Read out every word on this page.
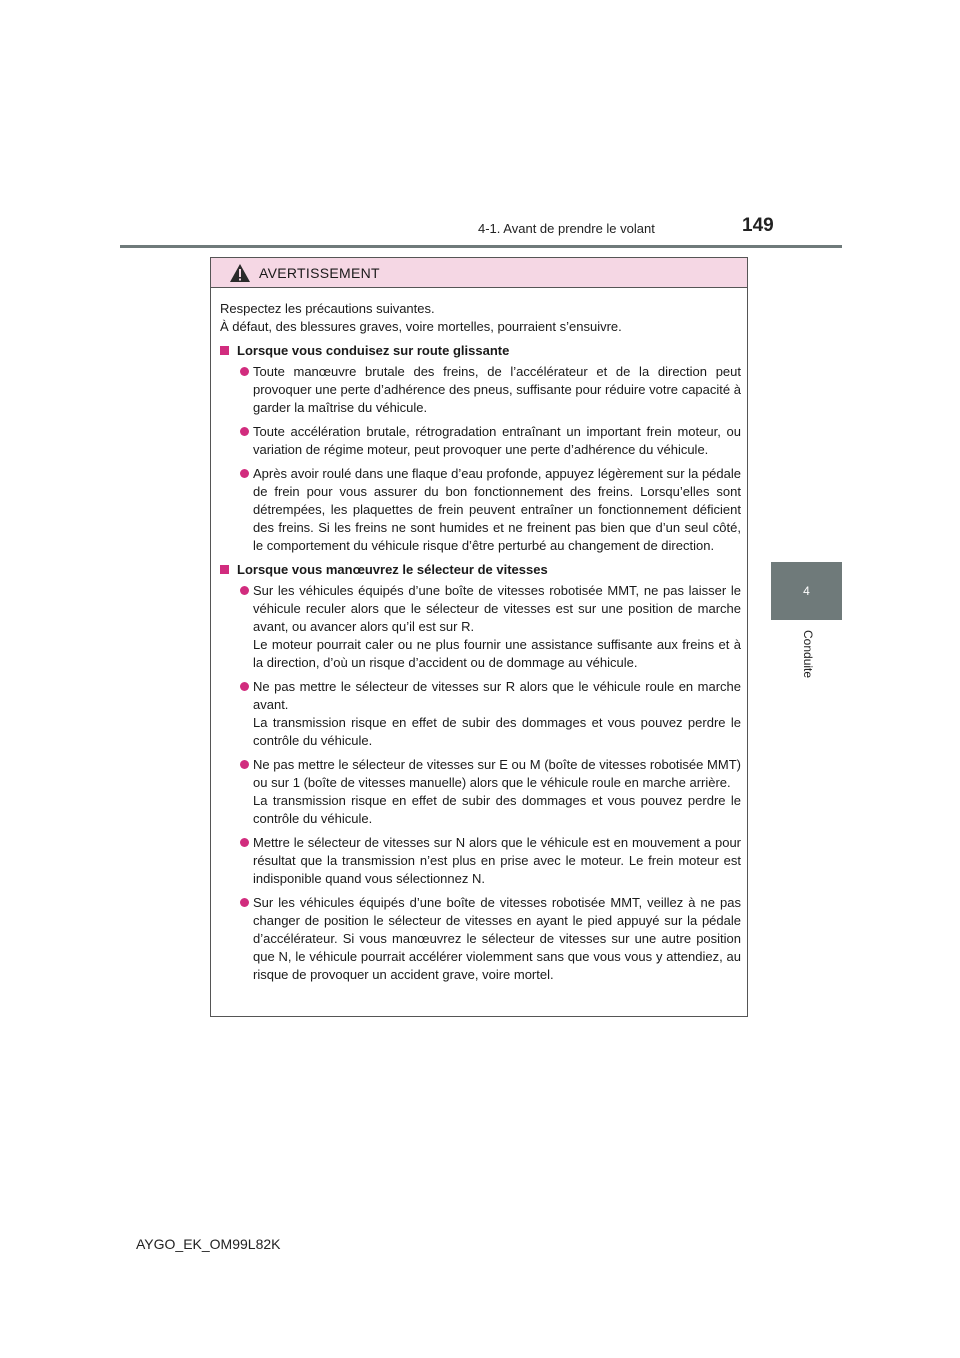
4-1. Avant de prendre le volant	149
4
Conduite
AVERTISSEMENT

Respectez les précautions suivantes.

À défaut, des blessures graves, voire mortelles, pourraient s’ensuivre.

Lorsque vous conduisez sur route glissante

Toute manœuvre brutale des freins, de l’accélérateur et de la direction peut provoquer une perte d’adhérence des pneus, suffisante pour réduire votre capacité à garder la maîtrise du véhicule.

Toute accélération brutale, rétrogradation entraînant un important frein moteur, ou variation de régime moteur, peut provoquer une perte d’adhérence du véhicule.

Après avoir roulé dans une flaque d’eau profonde, appuyez légèrement sur la pédale de frein pour vous assurer du bon fonctionnement des freins. Lorsqu’elles sont détrempées, les plaquettes de frein peuvent entraîner un fonctionnement déficient des freins. Si les freins ne sont humides et ne freinent pas bien que d’un seul côté, le comportement du véhicule risque d’être perturbé au changement de direction.

Lorsque vous manœuvrez le sélecteur de vitesses

Sur les véhicules équipés d’une boîte de vitesses robotisée MMT, ne pas laisser le véhicule reculer alors que le sélecteur de vitesses est sur une position de marche avant, ou avancer alors qu’il est sur R.

Le moteur pourrait caler ou ne plus fournir une assistance suffisante aux freins et à la direction, d’où un risque d’accident ou de dommage au véhicule.

Ne pas mettre le sélecteur de vitesses sur R alors que le véhicule roule en marche avant.

La transmission risque en effet de subir des dommages et vous pouvez perdre le contrôle du véhicule.

Ne pas mettre le sélecteur de vitesses sur E ou M (boîte de vitesses robotisée MMT) ou sur 1 (boîte de vitesses manuelle) alors que le véhicule roule en marche arrière.

La transmission risque en effet de subir des dommages et vous pouvez perdre le contrôle du véhicule.

Mettre le sélecteur de vitesses sur N alors que le véhicule est en mouvement a pour résultat que la transmission n’est plus en prise avec le moteur. Le frein moteur est indisponible quand vous sélectionnez N.

Sur les véhicules équipés d’une boîte de vitesses robotisée MMT, veillez à ne pas changer de position le sélecteur de vitesses en ayant le pied appuyé sur la pédale d’accélérateur. Si vous manœuvrez le sélecteur de vitesses sur une autre position que N, le véhicule pourrait accélérer violemment sans que vous vous y attendiez, au risque de provoquer un accident grave, voire mortel.

AYGO_EK_OM99L82K
